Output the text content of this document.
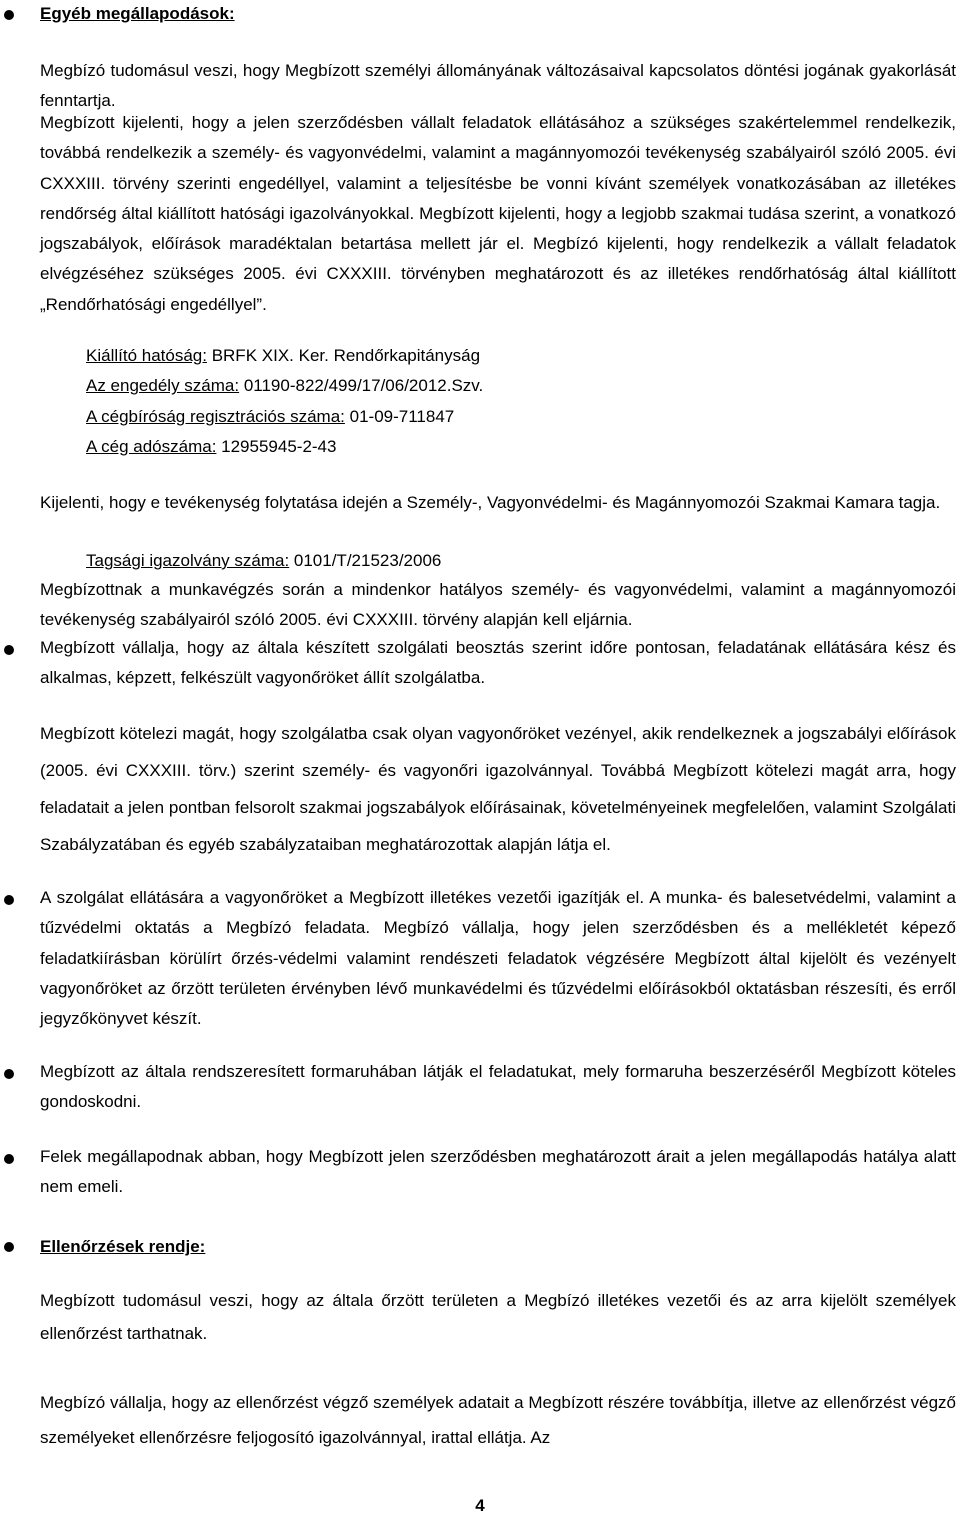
Egyéb megállapodások:

Megbízó tudomásul veszi, hogy Megbízott személyi állományának változásaival kapcsolatos döntési jogának gyakorlását fenntartja.

Megbízott kijelenti, hogy a jelen szerződésben vállalt feladatok ellátásához a szükséges szakértelemmel rendelkezik, továbbá rendelkezik a személy- és vagyonvédelmi, valamint a magánnyomozói tevékenység szabályairól szóló 2005. évi CXXXIII. törvény szerinti engedéllyel, valamint a teljesítésbe be vonni kívánt személyek vonatkozásában az illetékes rendőrség által kiállított hatósági igazolványokkal. Megbízott kijelenti, hogy a legjobb szakmai tudása szerint, a vonatkozó jogszabályok, előírások maradéktalan betartása mellett jár el. Megbízó kijelenti, hogy rendelkezik a vállalt feladatok elvégzéséhez szükséges 2005. évi CXXXIII. törvényben meghatározott és az illetékes rendőrhatóság által kiállított „Rendőrhatósági engedéllyel”.

Kiállító hatóság: BRFK XIX. Ker. Rendőrkapitányság
Az engedély száma: 01190-822/499/17/06/2012.Szv.
A cégbíróság regisztrációs száma: 01-09-711847
A cég adószáma: 12955945-2-43

Kijelenti, hogy e tevékenység folytatása idején a Személy-, Vagyonvédelmi- és Magánnyomozói Szakmai Kamara tagja.

Tagsági igazolvány száma: 0101/T/21523/2006

Megbízottnak a munkavégzés során a mindenkor hatályos személy- és vagyonvédelmi, valamint a magánnyomozói tevékenység szabályairól szóló 2005. évi CXXXIII. törvény alapján kell eljárnia.

Megbízott vállalja, hogy az általa készített szolgálati beosztás szerint időre pontosan, feladatának ellátására kész és alkalmas, képzett, felkészült vagyonőröket állít szolgálatba.

Megbízott kötelezi magát, hogy szolgálatba csak olyan vagyonőröket vezényel, akik rendelkeznek a jogszabályi előírások (2005. évi CXXXIII. törv.) szerint személy- és vagyonőri igazolvánnyal. Továbbá Megbízott kötelezi magát arra, hogy feladatait a jelen pontban felsorolt szakmai jogszabályok előírásainak, követelményeinek megfelelően, valamint Szolgálati Szabályzatában és egyéb szabályzataiban meghatározottak alapján látja el.

A szolgálat ellátására a vagyonőröket a Megbízott illetékes vezetői igazítják el. A munka- és balesetvédelmi, valamint a tűzvédelmi oktatás a Megbízó feladata. Megbízó vállalja, hogy jelen szerződésben és a mellékletét képező feladatkiírásban körülírt őrzés-védelmi valamint rendészeti feladatok végzésére Megbízott által kijelölt és vezényelt vagyonőröket az őrzött területen érvényben lévő munkavédelmi és tűzvédelmi előírásokból oktatásban részesíti, és erről jegyzőkönyvet készít.

Megbízott az általa rendszeresített formaruhában látják el feladatukat, mely formaruha beszerzéséről Megbízott köteles gondoskodni.

Felek megállapodnak abban, hogy Megbízott jelen szerződésben meghatározott árait a jelen megállapodás hatálya alatt nem emeli.

Ellenőrzések rendje:

Megbízott tudomásul veszi, hogy az általa őrzött területen a Megbízó illetékes vezetői és az arra kijelölt személyek ellenőrzést tarthatnak.

Megbízó vállalja, hogy az ellenőrzést végző személyek adatait a Megbízott részére továbbítja, illetve az ellenőrzést végző személyeket ellenőrzésre feljogosító igazolvánnyal, irattal ellátja. Az

4
